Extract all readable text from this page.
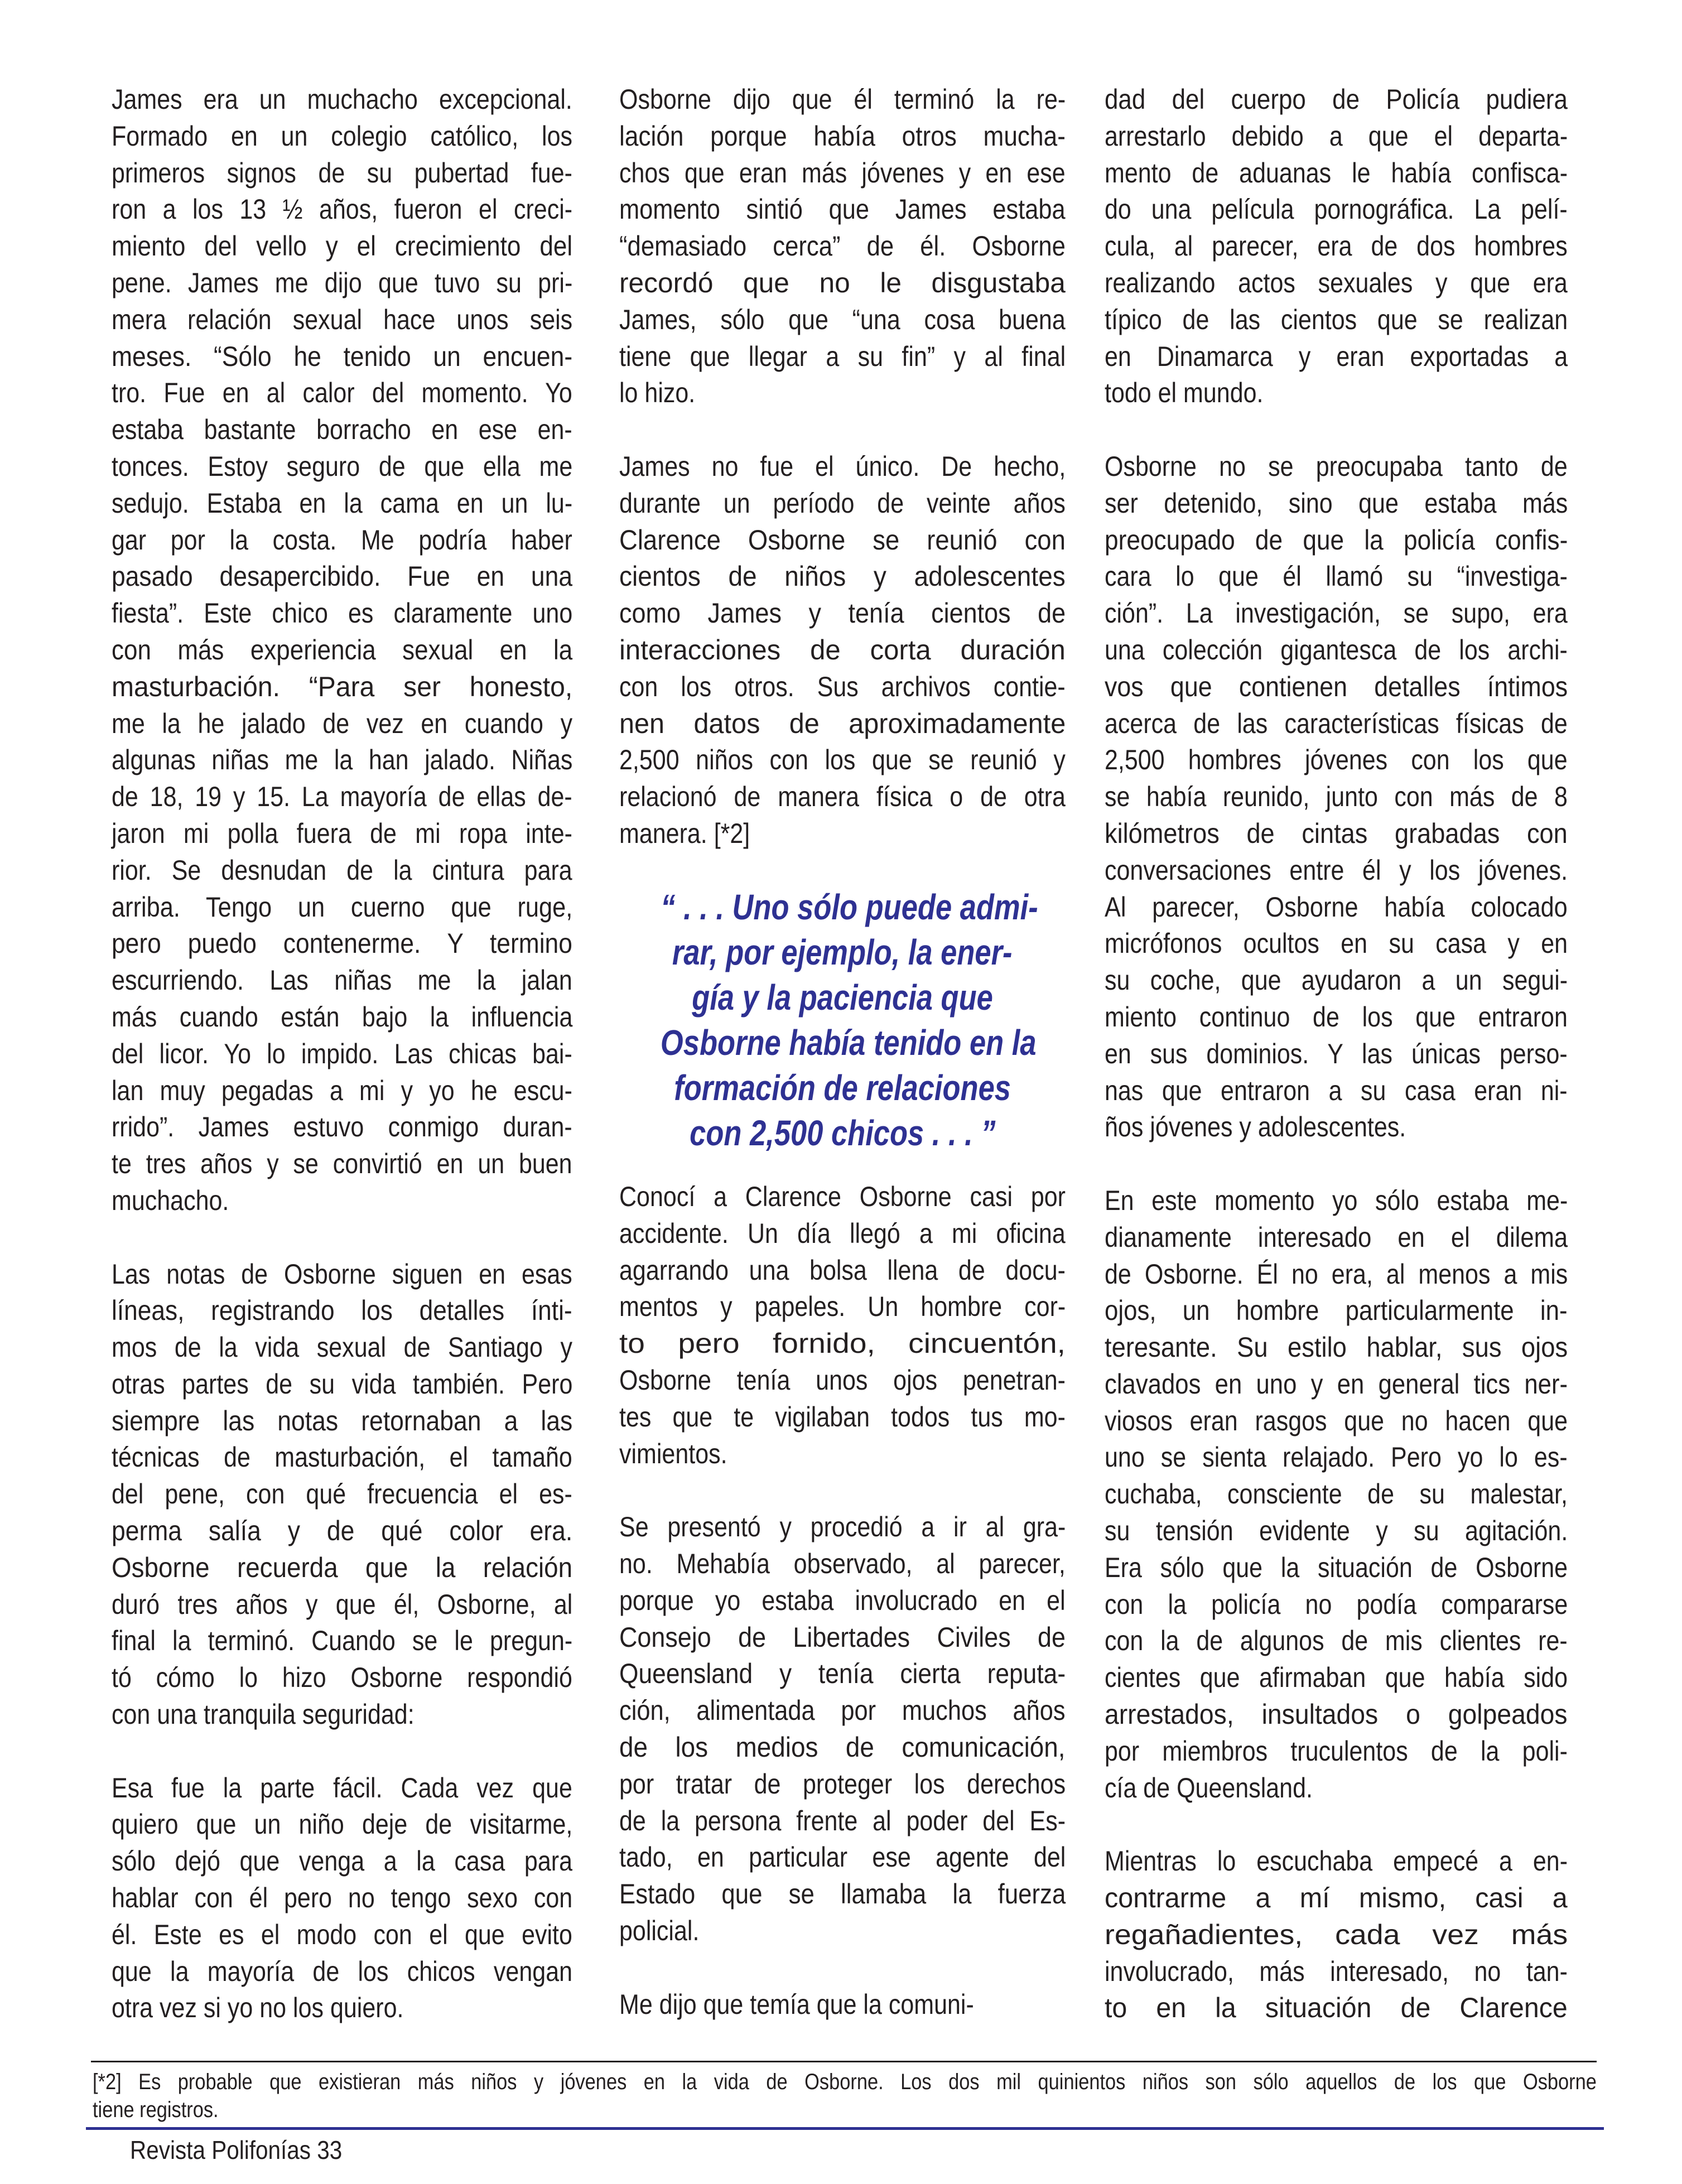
James era un muchacho excepcional.
Formado en un colegio católico, los
primeros signos de su pubertad fue-
ron a los 13 ½ años, fueron el creci-
miento del vello y el crecimiento del
pene. James me dijo que tuvo su pri-
mera relación sexual hace unos seis
meses. “Sólo he tenido un encuen-
tro. Fue en al calor del momento. Yo
estaba bastante borracho en ese en-
tonces. Estoy seguro de que ella me
sedujo. Estaba en la cama en un lu-
gar por la costa. Me podría haber
pasado desapercibido. Fue en una
fiesta”. Este chico es claramente uno
con más experiencia sexual en la
masturbación. “Para ser honesto,
me la he jalado de vez en cuando y
algunas niñas me la han jalado. Niñas
de 18, 19 y 15. La mayoría de ellas de-
jaron mi polla fuera de mi ropa inte-
rior. Se desnudan de la cintura para
arriba. Tengo un cuerno que ruge,
pero puedo contenerme. Y termino
escurriendo. Las niñas me la jalan
más cuando están bajo la influencia
del licor. Yo lo impido. Las chicas bai-
lan muy pegadas a mi y yo he escu-
rrido”. James estuvo conmigo duran-
te tres años y se convirtió en un buen
muchacho.
Las notas de Osborne siguen en esas
líneas, registrando los detalles ínti-
mos de la vida sexual de Santiago y
otras partes de su vida también. Pero
siempre las notas retornaban a las
técnicas de masturbación, el tamaño
del pene, con qué frecuencia el es-
perma salía y de qué color era.
Osborne recuerda que la relación
duró tres años y que él, Osborne, al
final la terminó. Cuando se le pregun-
tó cómo lo hizo Osborne respondió
con una tranquila seguridad:
Esa fue la parte fácil. Cada vez que
quiero que un niño deje de visitarme,
sólo dejó que venga a la casa para
hablar con él pero no tengo sexo con
él. Este es el modo con el que evito
que la mayoría de los chicos vengan
otra vez si yo no los quiero.
Osborne dijo que él terminó la re-
lación porque había otros mucha-
chos que eran más jóvenes y en ese
momento sintió que James estaba
“demasiado cerca” de él. Osborne
recordó que no le disgustaba
James, sólo que “una cosa buena
tiene que llegar a su fin” y al final
lo hizo.
James no fue el único. De hecho,
durante un período de veinte años
Clarence Osborne se reunió con
cientos de niños y adolescentes
como James y tenía cientos de
interacciones de corta duración
con los otros. Sus archivos contie-
nen datos de aproximadamente
2,500 niños con los que se reunió y
relacionó de manera física o de otra
manera. [*2]
“ . . . Uno sólo puede admi-
rar, por ejemplo, la ener-
gía y la paciencia que
Osborne había tenido en la
formación de relaciones
con 2,500 chicos . . . ”
Conocí a Clarence Osborne casi por
accidente. Un día llegó a mi oficina
agarrando una bolsa llena de docu-
mentos y papeles. Un hombre cor-
to pero fornido, cincuentón,
Osborne tenía unos ojos penetran-
tes que te vigilaban todos tus mo-
vimientos.
Se presentó y procedió a ir al gra-
no. Mehabía observado, al parecer,
porque yo estaba involucrado en el
Consejo de Libertades Civiles de
Queensland y tenía cierta reputa-
ción, alimentada por muchos años
de los medios de comunicación,
por tratar de proteger los derechos
de la persona frente al poder del Es-
tado, en particular ese agente del
Estado que se llamaba la fuerza
policial.
Me dijo que temía que la comuni-
dad del cuerpo de Policía pudiera
arrestarlo debido a que el departa-
mento de aduanas le había confisca-
do una película pornográfica. La pelí-
cula, al parecer, era de dos hombres
realizando actos sexuales y que era
típico de las cientos que se realizan
en Dinamarca y eran exportadas a
todo el mundo.
Osborne no se preocupaba tanto de
ser detenido, sino que estaba más
preocupado de que la policía confis-
cara lo que él llamó su “investiga-
ción”. La investigación, se supo, era
una colección gigantesca de los archi-
vos que contienen detalles íntimos
acerca de las características físicas de
2,500 hombres jóvenes con los que
se había reunido, junto con más de 8
kilómetros de cintas grabadas con
conversaciones entre él y los jóvenes.
Al parecer, Osborne había colocado
micrófonos ocultos en su casa y en
su coche, que ayudaron a un segui-
miento continuo de los que entraron
en sus dominios. Y las únicas perso-
nas que entraron a su casa eran ni-
ños jóvenes y adolescentes.
En este momento yo sólo estaba me-
dianamente interesado en el dilema
de Osborne. Él no era, al menos a mis
ojos, un hombre particularmente in-
teresante. Su estilo hablar, sus ojos
clavados en uno y en general tics ner-
viosos eran rasgos que no hacen que
uno se sienta relajado. Pero yo lo es-
cuchaba, consciente de su malestar,
su tensión evidente y su agitación.
Era sólo que la situación de Osborne
con la policía no podía compararse
con la de algunos de mis clientes re-
cientes que afirmaban que había sido
arrestados, insultados o golpeados
por miembros truculentos de la poli-
cía de Queensland.
Mientras lo escuchaba empecé a en-
contrarme a mí mismo, casi a
regañadientes, cada vez más
involucrado, más interesado, no tan-
to en la situación de Clarence
[*2] Es probable que existieran más niños y jóvenes en la vida de Osborne. Los dos mil quinientos niños son sólo aquellos de los que Osborne
tiene registros.
Revista Polifonías 33
